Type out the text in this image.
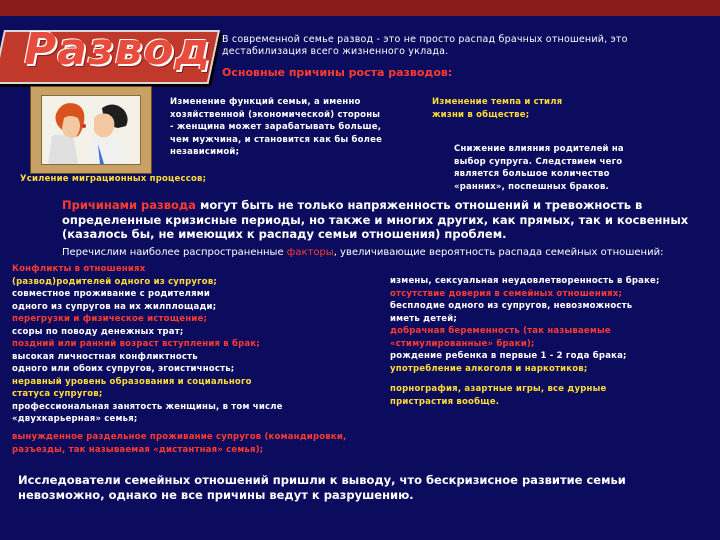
Развод В современной семье развод - это не просто распад брачных отношений, это дестабилизация всего жизненного уклада.
Основные причины роста разводов:
Изменение функций семьи, а именно
хозяйственной (экономической) стороны
- женщина может зарабатывать больше,
чем мужчина, и становится как бы более
независимой;
Изменение темпа и стиля
жизни в обществе;
Снижение влияния родителей на
выбор супруга. Следствием чего
является большое количество
«ранних», поспешных браков.
Усиление миграционных процессов;
Причинами развода могут быть не только напряженность отношений и тревожность в определенные кризисные периоды, но также и многих других, как прямых, так и косвенных (казалось бы, не имеющих к распаду семьи отношения) проблем.
Перечислим наиболее распространенные факторы, увеличивающие вероятность распада семейных отношений:
Конфликты в отношениях
(развод)родителей одного из супругов;
совместное проживание с родителями
одного из супругов на их жилплощади;
перегрузки и физическое истощение;
ссоры по поводу денежных трат;
поздний или ранний возраст вступления в брак;
высокая личностная конфликтность
одного или обоих супругов, эгоистичность;
неравный уровень образования и социального
статуса супругов;
профессиональная занятость женщины, в том числе
«двухкарьерная» семья;
вынужденное раздельное проживание супругов (командировки,
разъезды, так называемая «дистантная» семья);
измены, сексуальная неудовлетворенность в браке;
отсутствие доверия в семейных отношениях;
бесплодие одного из супругов, невозможность
иметь детей;
добрачная беременность (так называемые
«стимулированные» браки);
рождение ребенка в первые 1 - 2 года брака;
употребление алкоголя и наркотиков;
порнография, азартные игры, все дурные
пристрастия вообще.
Исследователи семейных отношений пришли к выводу, что бескризисное развитие семьи невозможно, однако не все причины ведут к разрушению.
